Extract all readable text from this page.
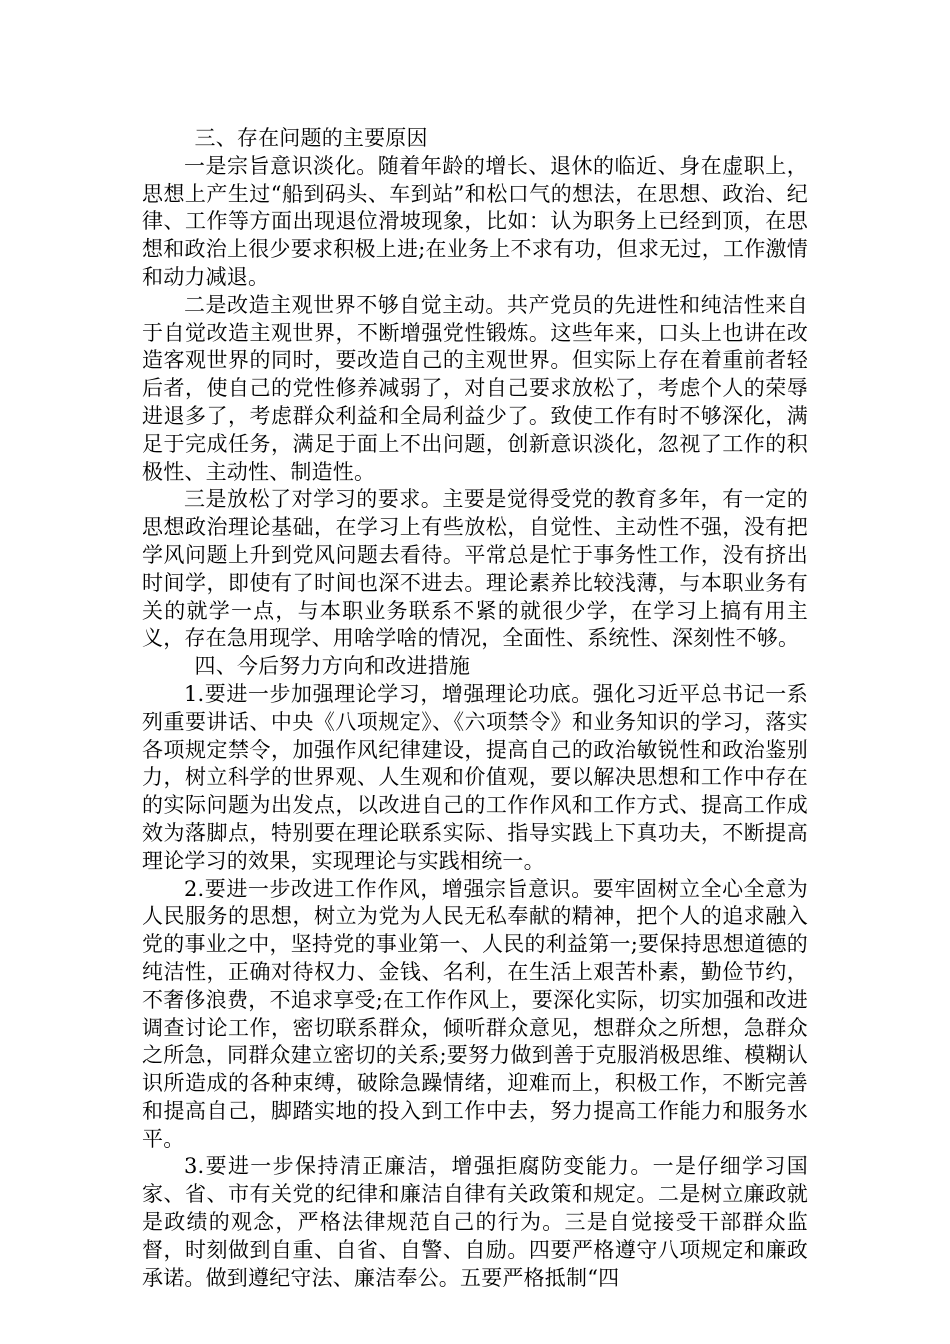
三、存在问题的主要原因

一是宗旨意识淡化。随着年龄的增长、退休的临近、身在虚职上，思想上产生过“船到码头、车到站”和松口气的想法，在思想、政治、纪律、工作等方面出现退位滑坡现象，比如：认为职务上已经到顶，在思想和政治上很少要求积极上进;在业务上不求有功，但求无过，工作激情和动力减退。

二是改造主观世界不够自觉主动。共产党员的先进性和纯洁性来自于自觉改造主观世界，不断增强党性锻炼。这些年来，口头上也讲在改造客观世界的同时，要改造自己的主观世界。但实际上存在着重前者轻后者，使自己的党性修养减弱了，对自己要求放松了，考虑个人的荣辱进退多了，考虑群众利益和全局利益少了。致使工作有时不够深化，满足于完成任务，满足于面上不出问题，创新意识淡化，忽视了工作的积极性、主动性、制造性。

三是放松了对学习的要求。主要是觉得受党的教育多年，有一定的思想政治理论基础，在学习上有些放松，自觉性、主动性不强，没有把学风问题上升到党风问题去看待。平常总是忙于事务性工作，没有挤出时间学，即使有了时间也深不进去。理论素养比较浅薄，与本职业务有关的就学一点，与本职业务联系不紧的就很少学，在学习上搞有用主义，存在急用现学、用啥学啥的情况，全面性、系统性、深刻性不够。

四、今后努力方向和改进措施

1.要进一步加强理论学习，增强理论功底。强化习近平总书记一系列重要讲话、中央《八项规定》、《六项禁令》和业务知识的学习，落实各项规定禁令，加强作风纪律建设，提高自己的政治敏锐性和政治鉴别力，树立科学的世界观、人生观和价值观，要以解决思想和工作中存在的实际问题为出发点，以改进自己的工作作风和工作方式、提高工作成效为落脚点，特别要在理论联系实际、指导实践上下真功夫，不断提高理论学习的效果，实现理论与实践相统一。

2.要进一步改进工作作风，增强宗旨意识。要牢固树立全心全意为人民服务的思想，树立为党为人民无私奉献的精神，把个人的追求融入党的事业之中，坚持党的事业第一、人民的利益第一;要保持思想道德的纯洁性，正确对待权力、金钱、名利，在生活上艰苦朴素，勤俭节约，不奢侈浪费，不追求享受;在工作作风上，要深化实际，切实加强和改进调查讨论工作，密切联系群众，倾听群众意见，想群众之所想，急群众之所急，同群众建立密切的关系;要努力做到善于克服消极思维、模糊认识所造成的各种束缚，破除急躁情绪，迎难而上，积极工作，不断完善和提高自己，脚踏实地的投入到工作中去，努力提高工作能力和服务水平。

3.要进一步保持清正廉洁，增强拒腐防变能力。一是仔细学习国家、省、市有关党的纪律和廉洁自律有关政策和规定。二是树立廉政就是政绩的观念，严格法律规范自己的行为。三是自觉接受干部群众监督，时刻做到自重、自省、自警、自励。四要严格遵守八项规定和廉政承诺。做到遵纪守法、廉洁奉公。五要严格抵制“四
